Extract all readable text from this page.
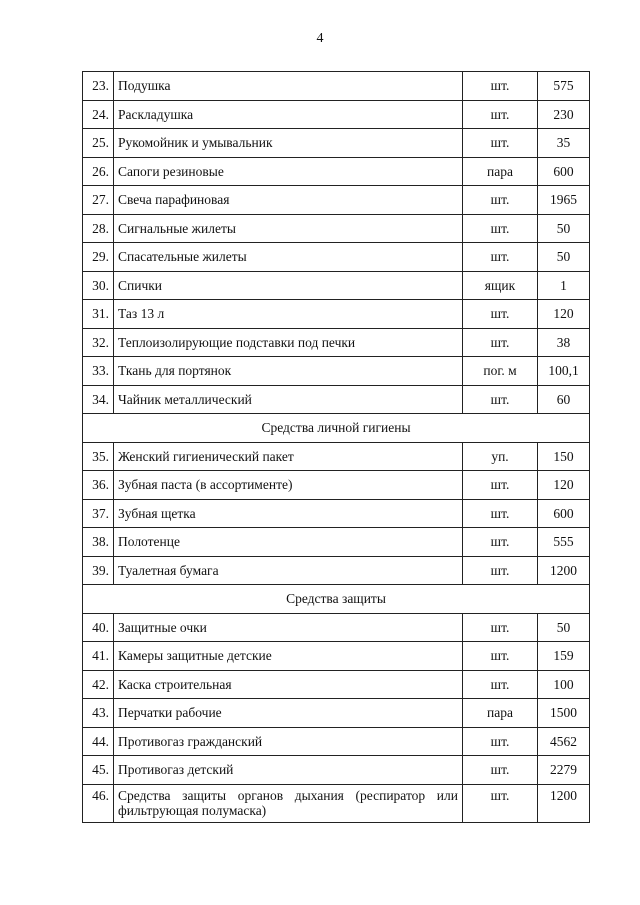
4
23.	Подушка	шт.	575
24.	Раскладушка	шт.	230
25.	Рукомойник и умывальник	шт.	35
26.	Сапоги резиновые	пара	600
27.	Свеча парафиновая	шт.	1965
28.	Сигнальные жилеты	шт.	50
29.	Спасательные жилеты	шт.	50
30.	Спички	ящик	1
31.	Таз 13 л	шт.	120
32.	Теплоизолирующие подставки под печки	шт.	38
33.	Ткань для портянок	пог. м	100,1
34.	Чайник металлический	шт.	60
Средства личной гигиены			
35.	Женский гигиенический пакет	уп.	150
36.	Зубная паста (в ассортименте)	шт.	120
37.	Зубная щетка	шт.	600
38.	Полотенце	шт.	555
39.	Туалетная бумага	шт.	1200
Средства защиты			
40.	Защитные очки	шт.	50
41.	Камеры защитные детские	шт.	159
42.	Каска строительная	шт.	100
43.	Перчатки рабочие	пара	1500
44.	Противогаз гражданский	шт.	4562
45.	Противогаз детский	шт.	2279
46.	Средства защиты органов дыхания (респиратор или фильтрующая полумаска)	шт.	1200
